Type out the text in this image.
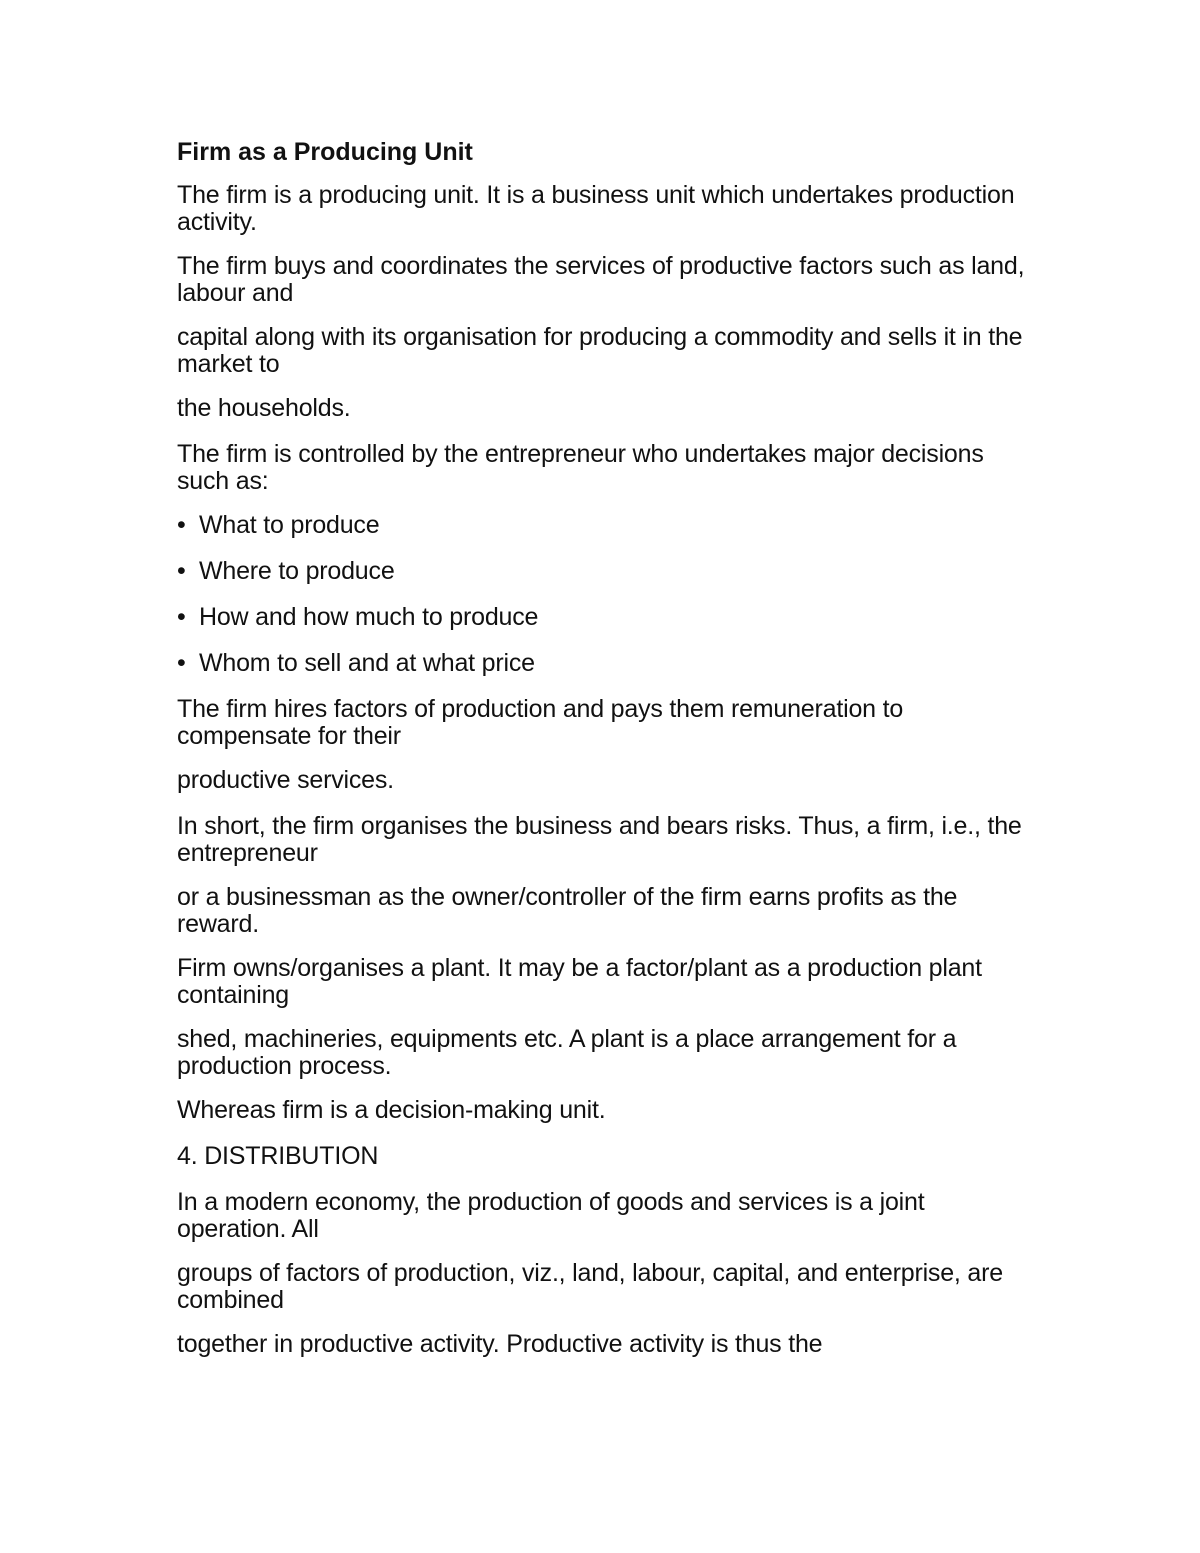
Firm as a Producing Unit
The firm is a producing unit. It is a business unit which undertakes production activity.
The firm buys and coordinates the services of productive factors such as land, labour and
capital along with its organisation for producing a commodity and sells it in the market to
the households.
The firm is controlled by the entrepreneur who undertakes major decisions such as:
• What to produce
• Where to produce
• How and how much to produce
• Whom to sell and at what price
The firm hires factors of production and pays them remuneration to compensate for their
productive services.
In short, the firm organises the business and bears risks. Thus, a firm, i.e., the entrepreneur
or a businessman as the owner/controller of the firm earns profits as the reward.
Firm owns/organises a plant. It may be a factor/plant as a production plant containing
shed, machineries, equipments etc. A plant is a place arrangement for a production process.
Whereas firm is a decision-making unit.
4. DISTRIBUTION
In a modern economy, the production of goods and services is a joint operation. All
groups of factors of production, viz., land, labour, capital, and enterprise, are combined
together in productive activity. Productive activity is thus the
